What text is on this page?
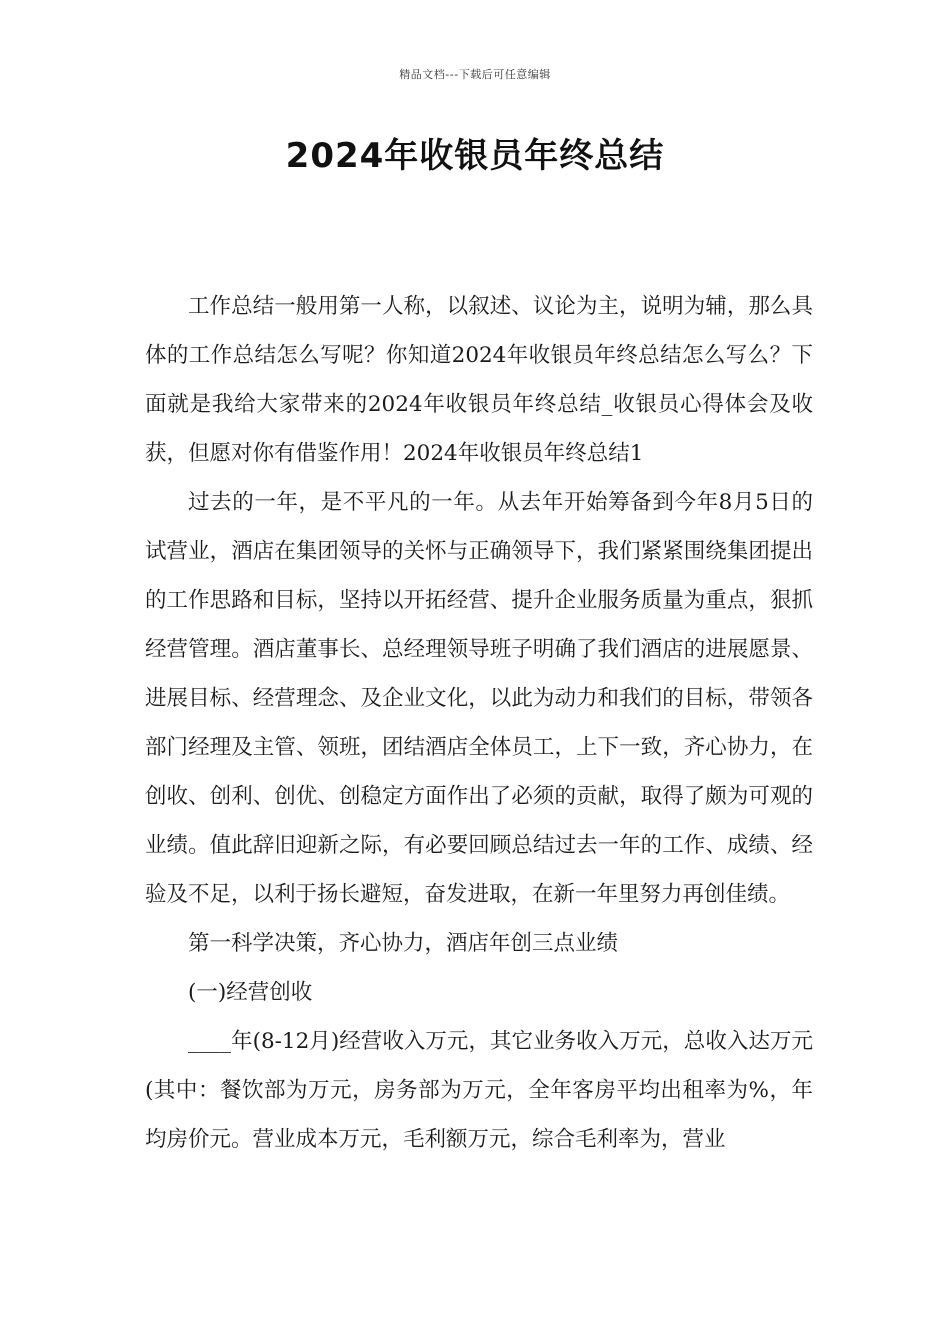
精品文档---下载后可任意编辑
2024年收银员年终总结

工作总结一般用第一人称，以叙述、议论为主，说明为辅，那么具体的工作总结怎么写呢？你知道2024年收银员年终总结怎么写么？下面就是我给大家带来的2024年收银员年终总结_收银员心得体会及收获，但愿对你有借鉴作用！2024年收银员年终总结1

过去的一年，是不平凡的一年。从去年开始筹备到今年8月5日的试营业，酒店在集团领导的关怀与正确领导下，我们紧紧围绕集团提出的工作思路和目标，坚持以开拓经营、提升企业服务质量为重点，狠抓经营管理。酒店董事长、总经理领导班子明确了我们酒店的进展愿景、进展目标、经营理念、及企业文化，以此为动力和我们的目标，带领各部门经理及主管、领班，团结酒店全体员工，上下一致，齐心协力，在创收、创利、创优、创稳定方面作出了必须的贡献，取得了颇为可观的业绩。值此辞旧迎新之际，有必要回顾总结过去一年的工作、成绩、经验及不足，以利于扬长避短，奋发进取，在新一年里努力再创佳绩。

第一科学决策，齐心协力，酒店年创三点业绩

(一)经营创收

____年(8-12月)经营收入万元，其它业务收入万元，总收入达万元(其中：餐饮部为万元，房务部为万元，全年客房平均出租率为%，年均房价元。营业成本万元，毛利额万元，综合毛利率为，营业
